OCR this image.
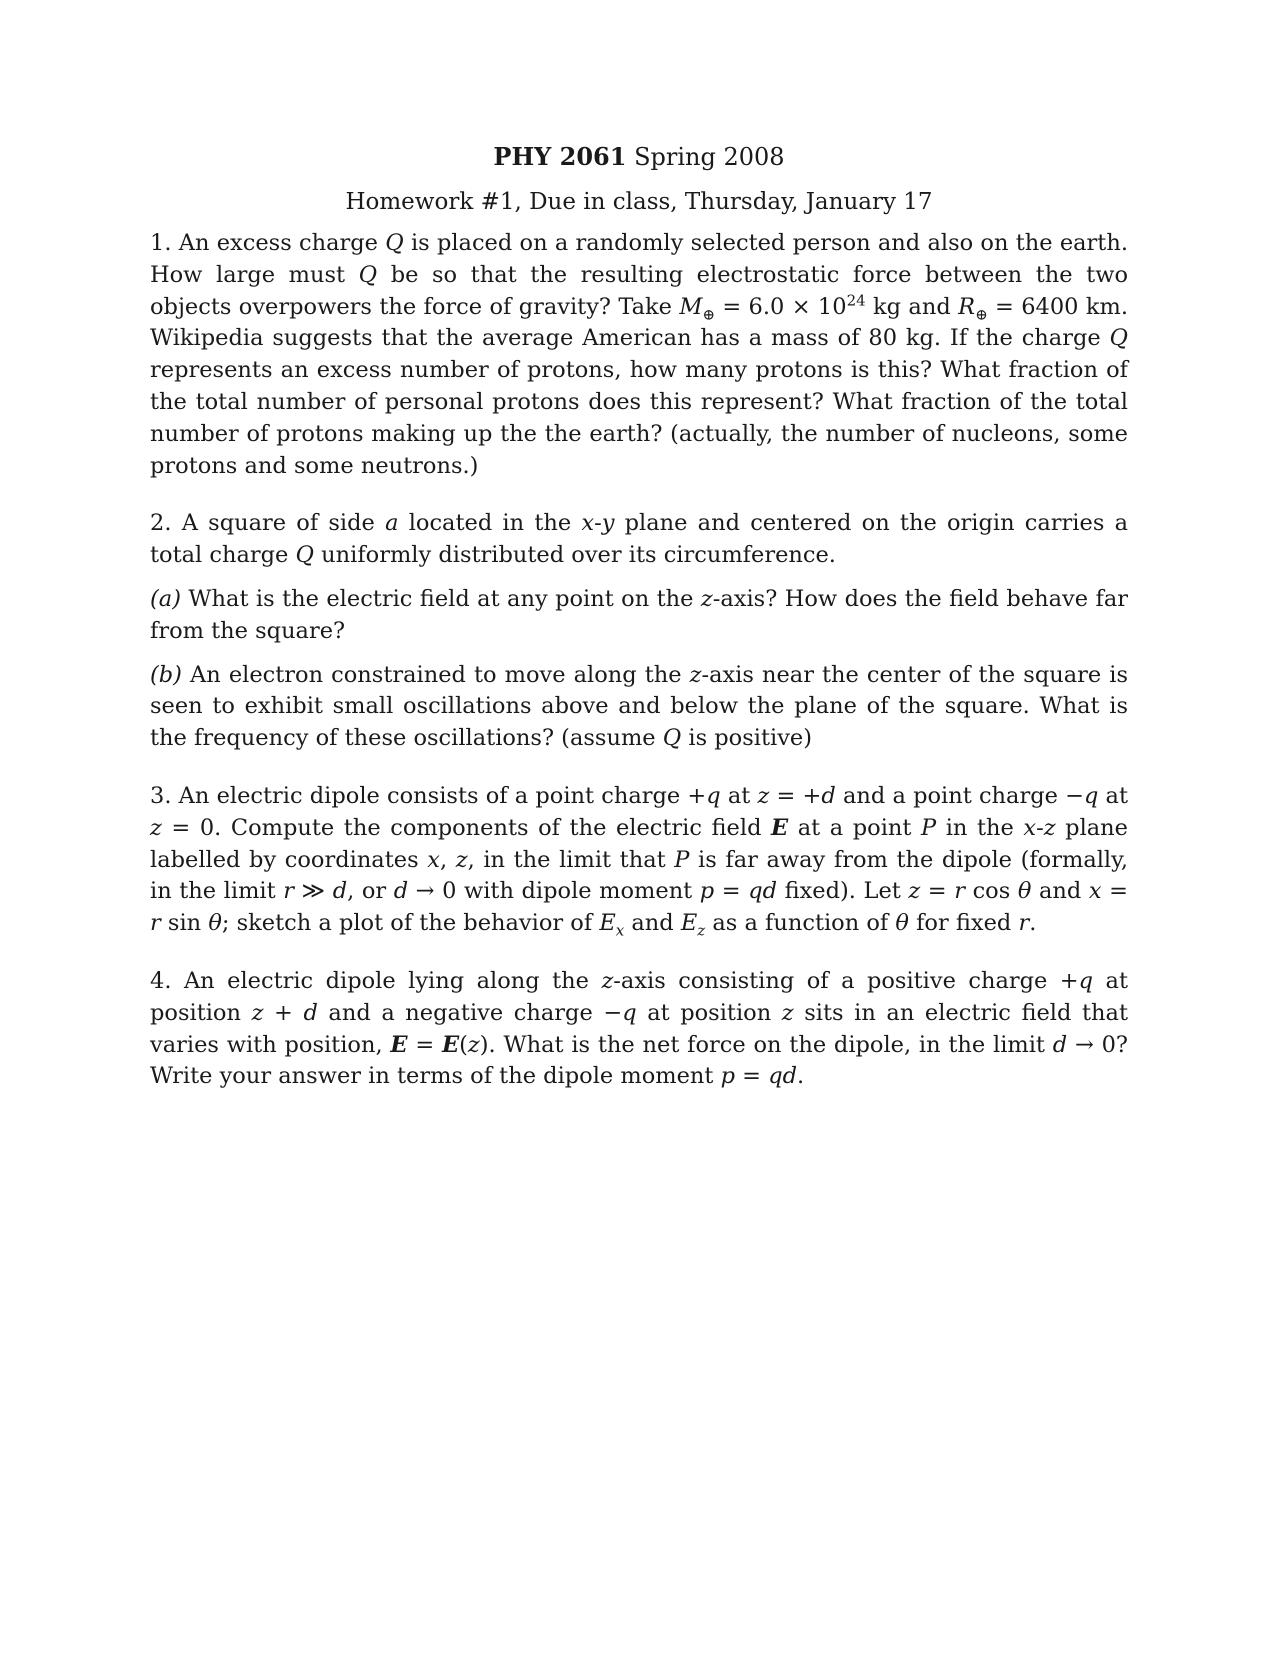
PHY 2061 Spring 2008
Homework #1, Due in class, Thursday, January 17

1. An excess charge Q is placed on a randomly selected person and also on the earth. How large must Q be so that the resulting electrostatic force between the two objects overpowers the force of gravity? Take $M_\oplus = 6.0 \times 10^{24}$ kg and $R_\oplus = 6400$ km. Wikipedia suggests that the average American has a mass of 80 kg. If the charge Q represents an excess number of protons, how many protons is this? What fraction of the total number of personal protons does this represent? What fraction of the total number of protons making up the the earth? (actually, the number of nucleons, some protons and some neutrons.)

2. A square of side a located in the x-y plane and centered on the origin carries a total charge Q uniformly distributed over its circumference.

(a) What is the electric field at any point on the z-axis? How does the field behave far from the square?

(b) An electron constrained to move along the z-axis near the center of the square is seen to exhibit small oscillations above and below the plane of the square. What is the frequency of these oscillations? (assume Q is positive)

3. An electric dipole consists of a point charge +q at z = +d and a point charge −q at z = 0. Compute the components of the electric field E at a point P in the x-z plane labelled by coordinates x, z, in the limit that P is far away from the dipole (formally, in the limit r ≫ d, or d → 0 with dipole moment p = qd fixed). Let z = r cos θ and x = r sin θ; sketch a plot of the behavior of $E_x$ and $E_z$ as a function of θ for fixed r.

4. An electric dipole lying along the z-axis consisting of a positive charge +q at position z + d and a negative charge −q at position z sits in an electric field that varies with position, E = E(z). What is the net force on the dipole, in the limit d → 0? Write your answer in terms of the dipole moment p = qd.
